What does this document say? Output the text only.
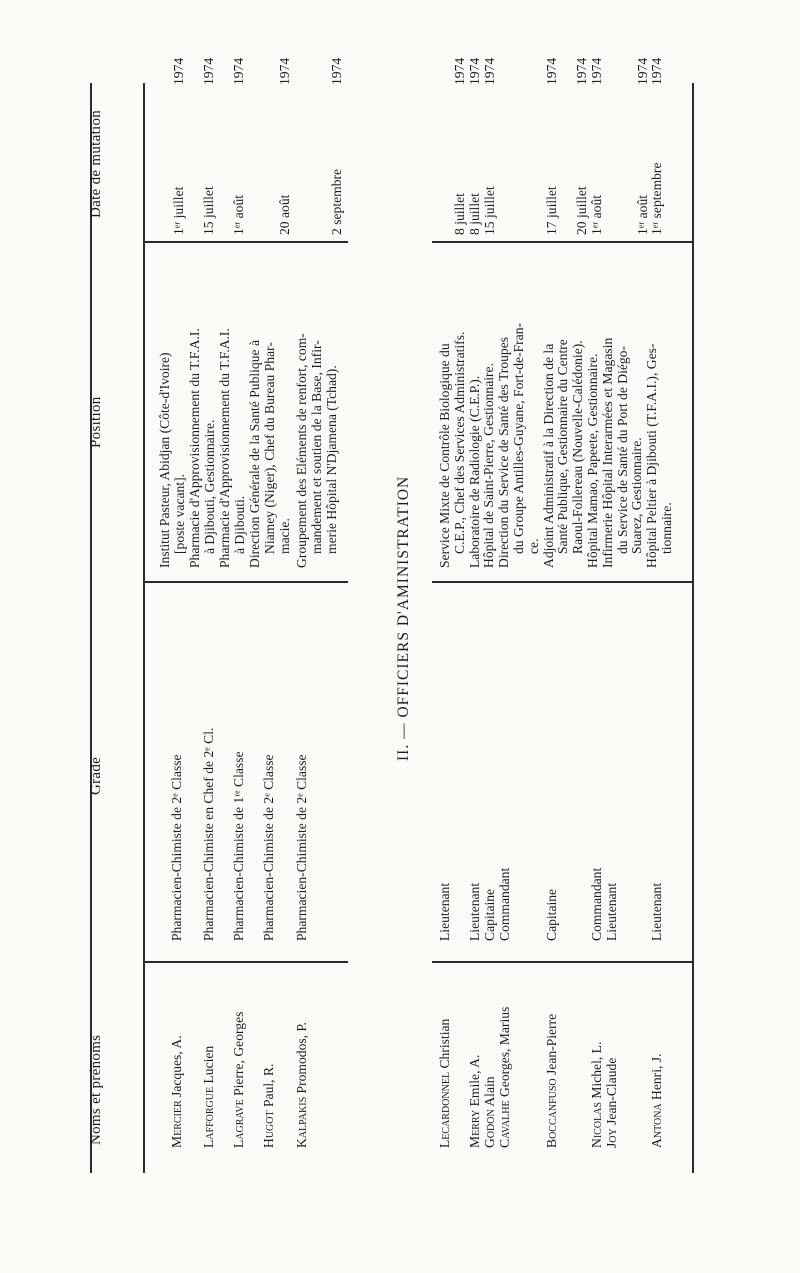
Noms et prénoms
Grade
Position
Date de mutation
Mercier Jacques, A.
Pharmacien-Chimiste de 2ᵉ Classe
Institut Pasteur, Abidjan (Côte-d'Ivoire) [poste vacant].
1ᵉʳ juillet
1974
Lafforgue Lucien
Pharmacien-Chimiste en Chef de 2ᵉ Cl.
Pharmacie d'Approvisionnement du T.F.A.I. à Djibouti, Gestionnaire.
15 juillet
1974
Lagrave Pierre, Georges
Pharmacien-Chimiste de 1ʳᵉ Classe
Pharmacie d'Approvisionnement du T.F.A.I. à Djibouti.
1ᵉʳ août
1974
Hugot Paul, R.
Pharmacien-Chimiste de 2ᵉ Classe
Direction Générale de la Santé Publique à Niamey (Niger), Chef du Bureau Phar- macie.
20 août
1974
Kalpakis Promodos, P.
Pharmacien-Chimiste de 2ᵉ Classe
Groupement des Eléments de renfort, com- mandement et soutien de la Base, Infir- merie Hôpital N'Djamena (Tchad).
2 septembre
1974
II. — OFFICIERS D'AMINISTRATION
Lecardonnel Christian
Merry Emile, A.
Godon Alain
Cavalhe Georges, Marius
Boccanfuso Jean-Pierre
Nicolas Michel, L.
Joy Jean-Claude Antona Henri, J.
Lieutenant Lieutenant Capitaine Commandant Capitaine Commandant Lieutenant Lieutenant
Service Mixte de Contrôle Biologique du C.E.P., Chef des Services Administratifs. Laboratoire de Radiologie (C.E.P.). Hôpital de Saint-Pierre, Gestionnaire. Direction du Service de Santé des Troupes du Groupe Antilles-Guyane, Fort-de-Fran- ce. Adjoint Administratif à la Direction de la Santé Publique, Gestionnaire du Centre Raoul-Follereau (Nouvelle-Calédonie). Hôpital Mamao, Papeete, Gestionnaire. Infirmerie Hôpital Interarmées et Magasin du Service de Santé du Port de Diégo- Suarez, Gestionnaire. Hôpital Peltier à Djibouti (T.F.A.I.), Ges- tionnaire.
8 juillet
1974
8 juillet
1974
15 juillet
1974
17 juillet
1974
20 juillet
1974
1ᵉʳ août
1974
1ᵉʳ août
1974
1ᵉʳ septembre
1974
